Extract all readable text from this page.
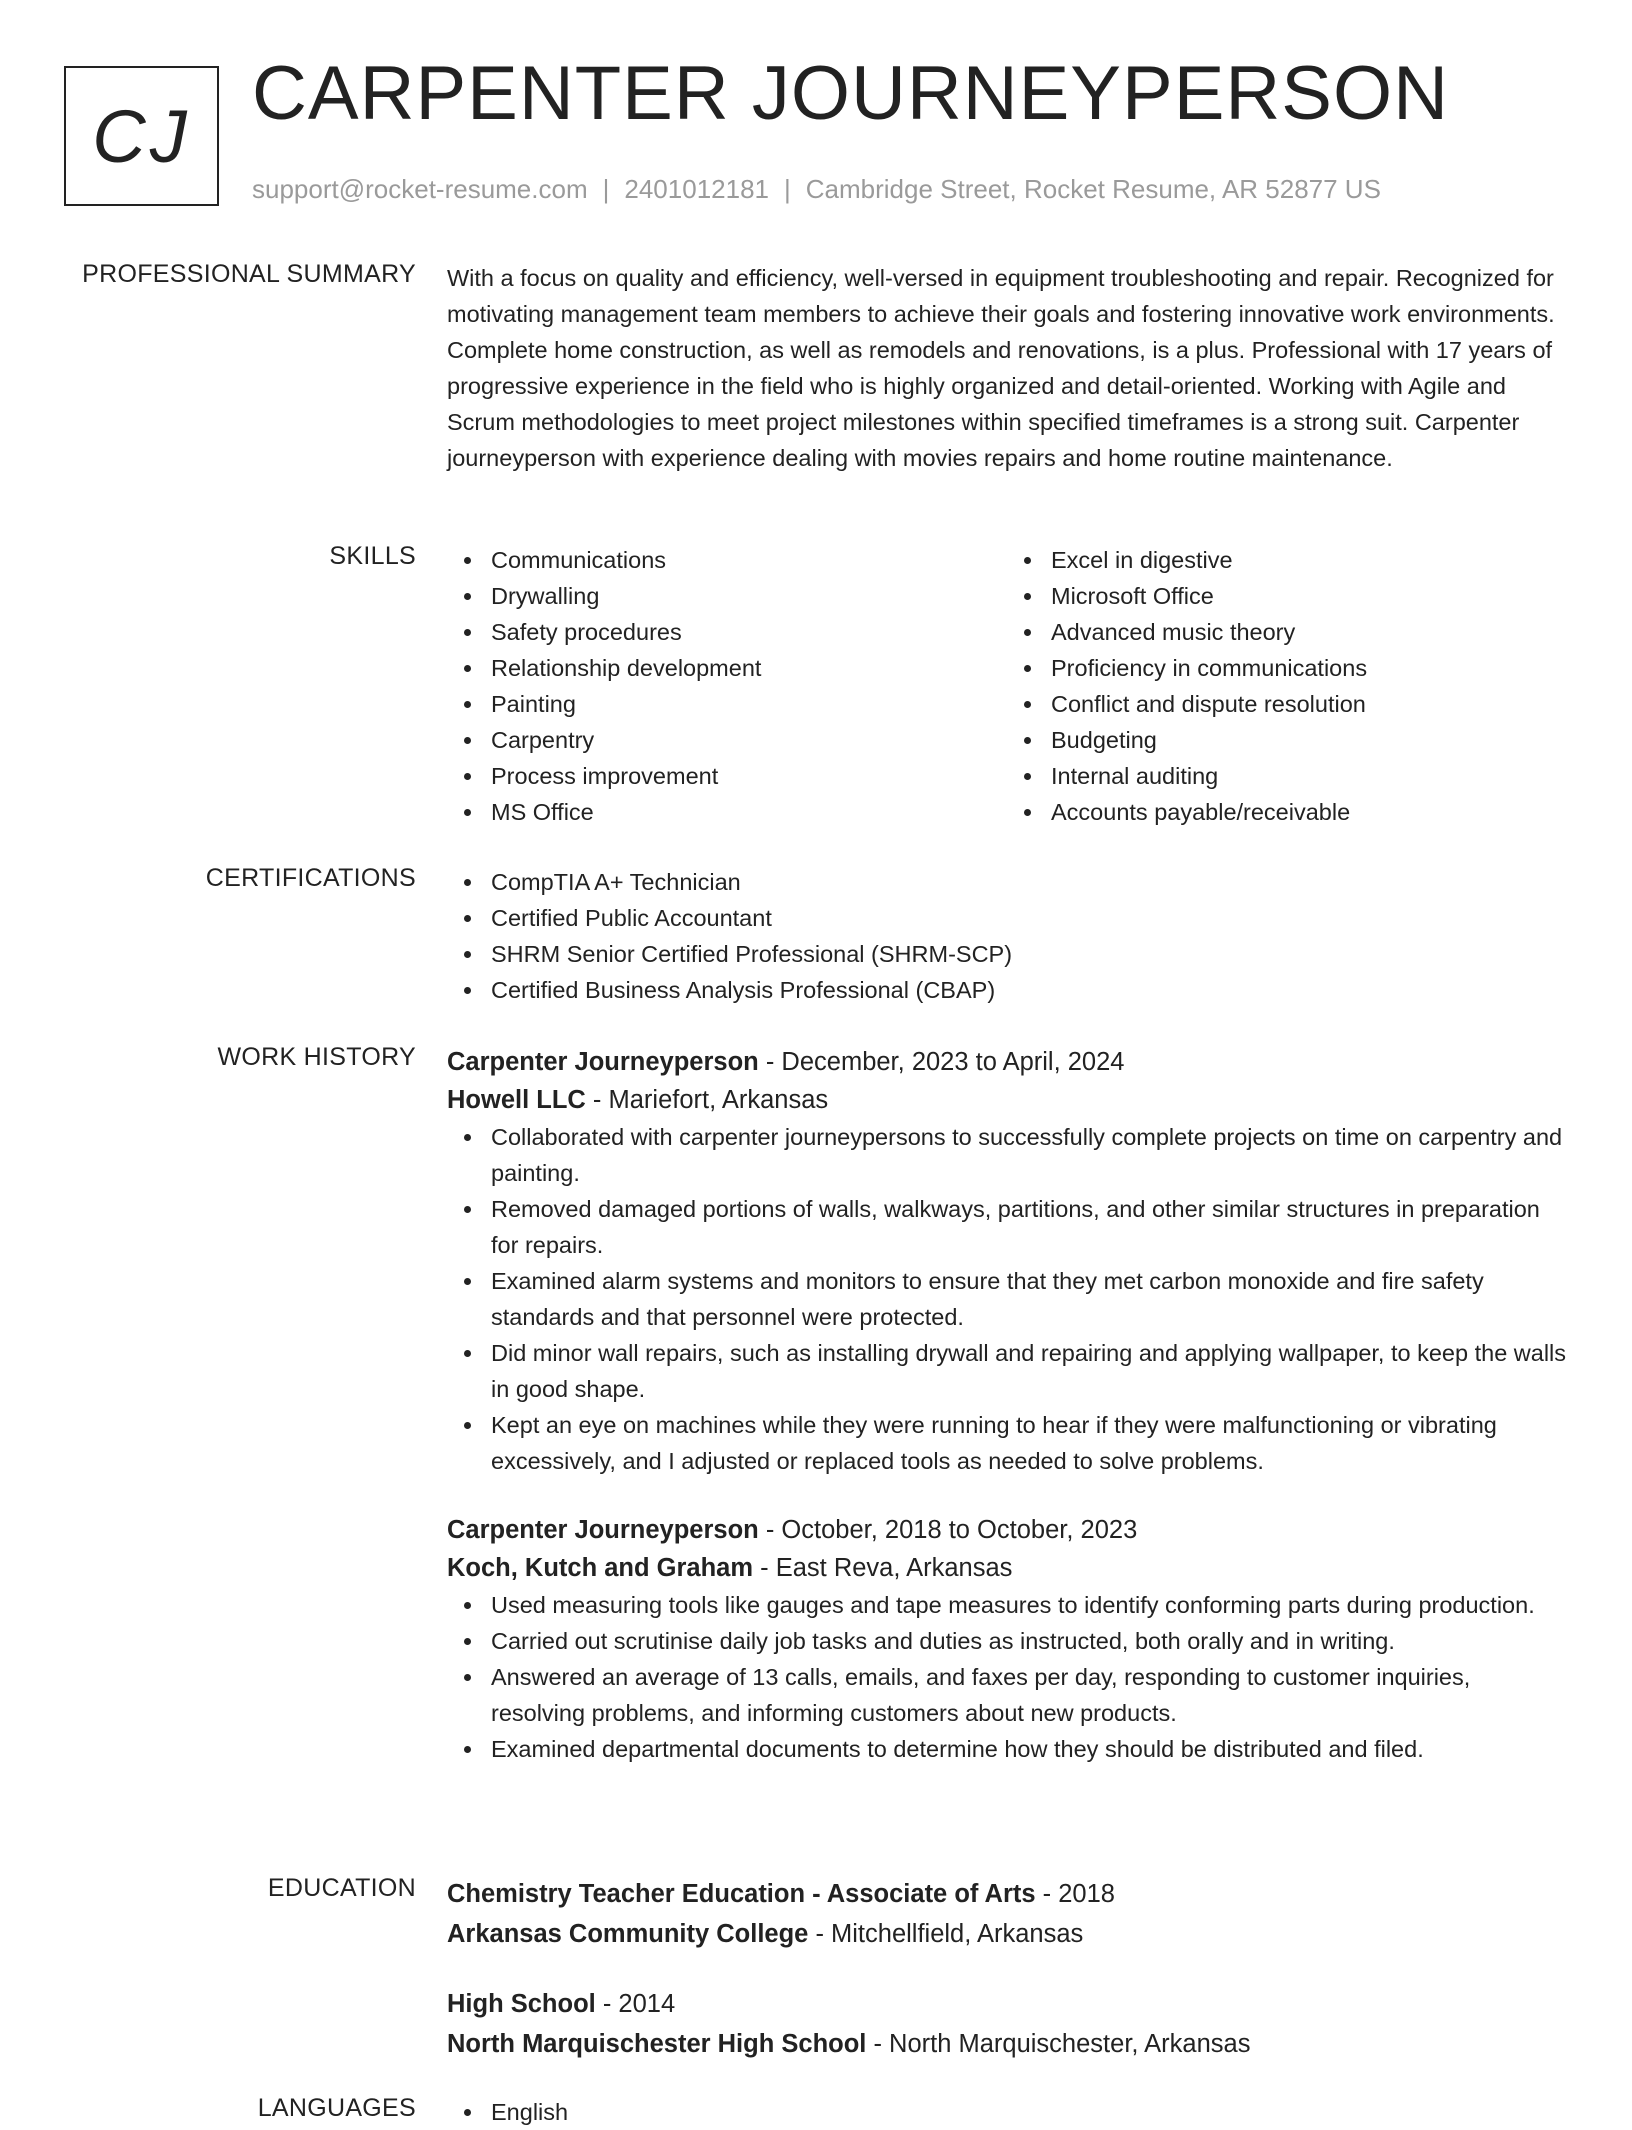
CJ CARPENTER JOURNEYPERSON
support@rocket-resume.com | 2401012181 | Cambridge Street, Rocket Resume, AR 52877 US
PROFESSIONAL SUMMARY With a focus on quality and efficiency, well-versed in equipment troubleshooting and repair. Recognized for motivating management team members to achieve their goals and fostering innovative work environments. Complete home construction, as well as remodels and renovations, is a plus. Professional with 17 years of progressive experience in the field who is highly organized and detail-oriented. Working with Agile and Scrum methodologies to meet project milestones within specified timeframes is a strong suit. Carpenter journeyperson with experience dealing with movies repairs and home routine maintenance.

SKILLS	Communications
Drywalling
Safety procedures
Relationship development
Painting
Carpentry
Process improvement
MS Office
Excel in digestive
Microsoft Office
Advanced music theory
Proficiency in communications
Conflict and dispute resolution
Budgeting
Internal auditing
Accounts payable/receivable
CERTIFICATIONS	CompTIA A+ Technician
Certified Public Accountant
SHRM Senior Certified Professional (SHRM-SCP)
Certified Business Analysis Professional (CBAP)
WORK HISTORY Carpenter Journeyperson - December, 2023 to April, 2024
Howell LLC - Mariefort, Arkansas
Collaborated with carpenter journeypersons to successfully complete projects on time on carpentry and painting.
Removed damaged portions of walls, walkways, partitions, and other similar structures in preparation for repairs.
Examined alarm systems and monitors to ensure that they met carbon monoxide and fire safety standards and that personnel were protected.
Did minor wall repairs, such as installing drywall and repairing and applying wallpaper, to keep the walls in good shape.
Kept an eye on machines while they were running to hear if they were malfunctioning or vibrating excessively, and I adjusted or replaced tools as needed to solve problems.
Carpenter Journeyperson - October, 2018 to October, 2023
Koch, Kutch and Graham - East Reva, Arkansas
Used measuring tools like gauges and tape measures to identify conforming parts during production.
Carried out scrutinise daily job tasks and duties as instructed, both orally and in writing.
Answered an average of 13 calls, emails, and faxes per day, responding to customer inquiries, resolving problems, and informing customers about new products.
Examined departmental documents to determine how they should be distributed and filed.
EDUCATION Chemistry Teacher Education - Associate of Arts - 2018
Arkansas Community College - Mitchellfield, Arkansas
High School - 2014
North Marquischester High School - North Marquischester, Arkansas
LANGUAGES	English
